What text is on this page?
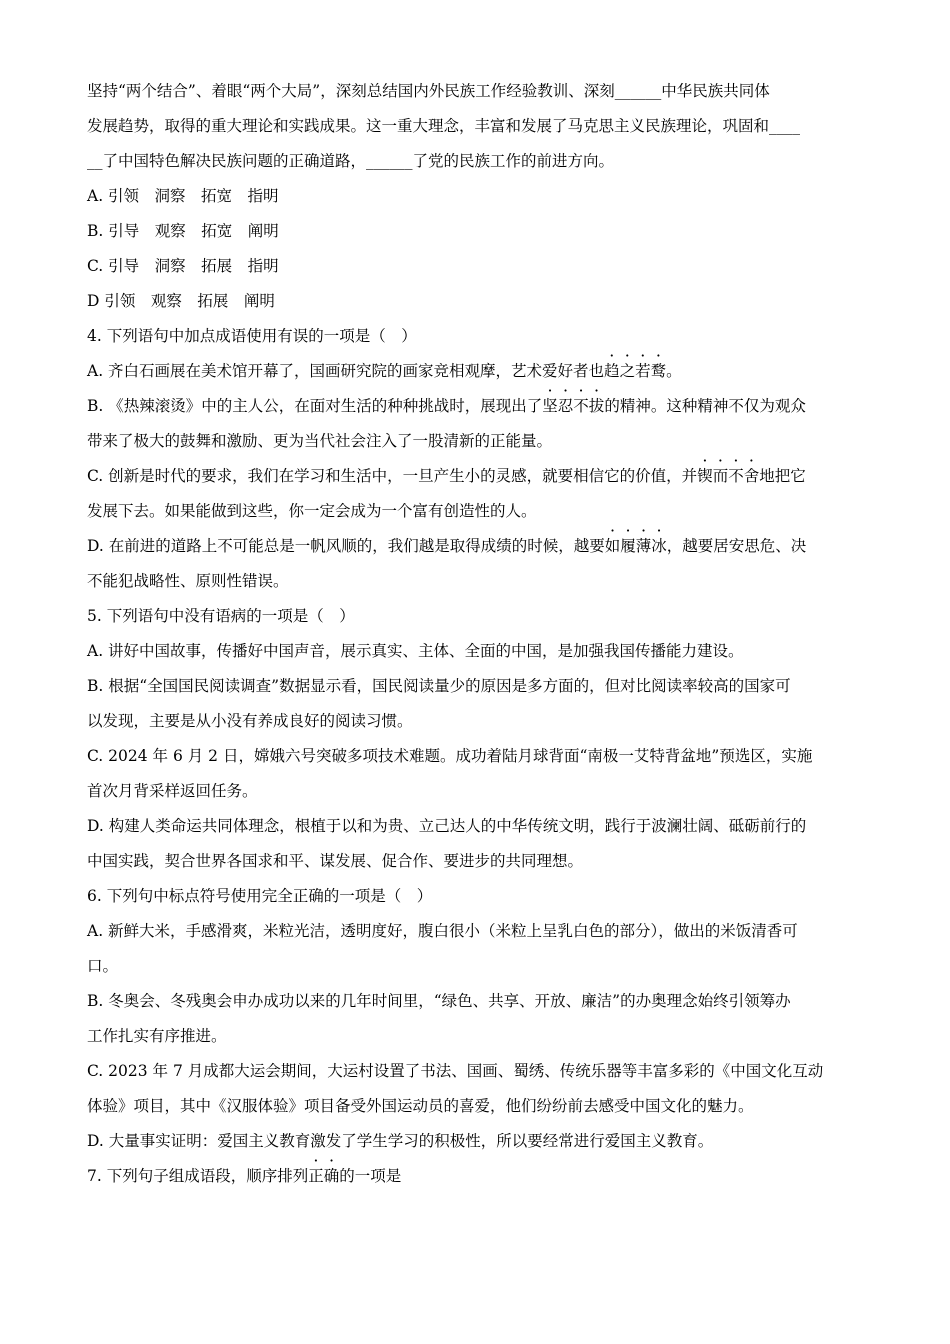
坚持“两个结合”、着眼“两个大局”，深刻总结国内外民族工作经验教训、深刻______中华民族共同体
发展趋势，取得的重大理论和实践成果。这一重大理念，丰富和发展了马克思主义民族理论，巩固和____
__了中国特色解决民族问题的正确道路，______了党的民族工作的前进方向。
A. 引领　洞察　拓宽　指明
B. 引导　观察　拓宽　阐明
C. 引导　洞察　拓展　指明
D 引领　观察　拓展　阐明
4. 下列语句中加点成语使用有误的一项是（　）
A. 齐白石画展在美术馆开幕了，国画研究院的画家竞相观摩，艺术爱好者也趋之若鹜。
B. 《热辣滚烫》中的主人公，在面对生活的种种挑战时，展现出了坚忍不拔的精神。这种精神不仅为观众
带来了极大的鼓舞和激励、更为当代社会注入了一股清新的正能量。
C. 创新是时代的要求，我们在学习和生活中，一旦产生小的灵感，就要相信它的价值，并锲而不舍地把它
发展下去。如果能做到这些，你一定会成为一个富有创造性的人。
D. 在前进的道路上不可能总是一帆风顺的，我们越是取得成绩的时候，越要如履薄冰，越要居安思危、决
不能犯战略性、原则性错误。
5. 下列语句中没有语病的一项是（　）
A. 讲好中国故事，传播好中国声音，展示真实、主体、全面的中国，是加强我国传播能力建设。
B. 根据“全国国民阅读调查”数据显示看，国民阅读量少的原因是多方面的，但对比阅读率较高的国家可
以发现，主要是从小没有养成良好的阅读习惯。
C. 2024 年 6 月 2 日，嫦娥六号突破多项技术难题。成功着陆月球背面“南极一艾特背盆地”预选区，实施
首次月背采样返回任务。
D. 构建人类命运共同体理念，根植于以和为贵、立己达人的中华传统文明，践行于波澜壮阔、砥砺前行的
中国实践，契合世界各国求和平、谋发展、促合作、要进步的共同理想。
6. 下列句中标点符号使用完全正确的一项是（　）
A. 新鲜大米，手感滑爽，米粒光洁，透明度好，腹白很小（米粒上呈乳白色的部分），做出的米饭清香可
口。
B. 冬奥会、冬残奥会申办成功以来的几年时间里，“绿色、共享、开放、廉洁”的办奥理念始终引领筹办
工作扎实有序推进。
C. 2023 年 7 月成都大运会期间，大运村设置了书法、国画、蜀绣、传统乐器等丰富多彩的《中国文化互动
体验》项目，其中《汉服体验》项目备受外国运动员的喜爱，他们纷纷前去感受中国文化的魅力。
D. 大量事实证明：爱国主义教育激发了学生学习的积极性，所以要经常进行爱国主义教育。
7. 下列句子组成语段，顺序排列正确的一项是
